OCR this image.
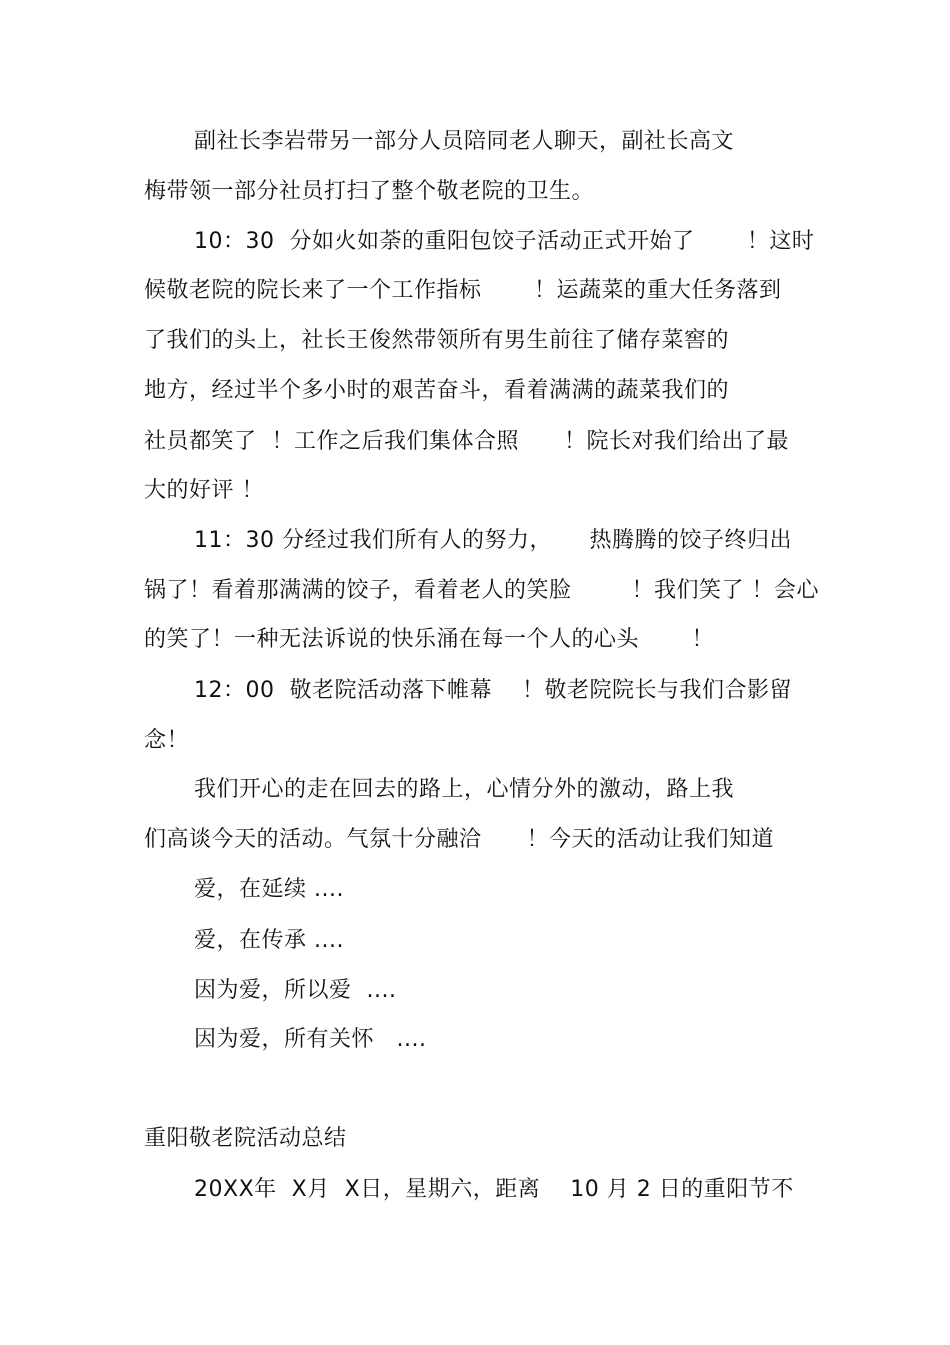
副社长李岩带另一部分人员陪同老人聊天，副社长高文
梅带领一部分社员打扫了整个敬老院的卫生。
10：30  分如火如荼的重阳包饺子活动正式开始了       ！这时
候敬老院的院长来了一个工作指标       ！运蔬菜的重大任务落到
了我们的头上，社长王俊然带领所有男生前往了储存菜窖的
地方，经过半个多小时的艰苦奋斗，看着满满的蔬菜我们的
社员都笑了  ！工作之后我们集体合照      ！院长对我们给出了最
大的好评 ！
11：30 分经过我们所有人的努力，     热腾腾的饺子终归出
锅了！看着那满满的饺子，看着老人的笑脸        ！我们笑了 ！会心
的笑了！一种无法诉说的快乐涌在每一个人的心头       ！
12：00  敬老院活动落下帷幕    ！敬老院院长与我们合影留
念！
我们开心的走在回去的路上，心情分外的激动，路上我
们高谈今天的活动。气氛十分融洽      ！今天的活动让我们知道
爱，在延续 ....
爱，在传承 ....
因为爱，所以爱  ....
因为爱，所有关怀   ....
重阳敬老院活动总结
20XX年  X月  X日，星期六，距离    10 月 2 日的重阳节不
